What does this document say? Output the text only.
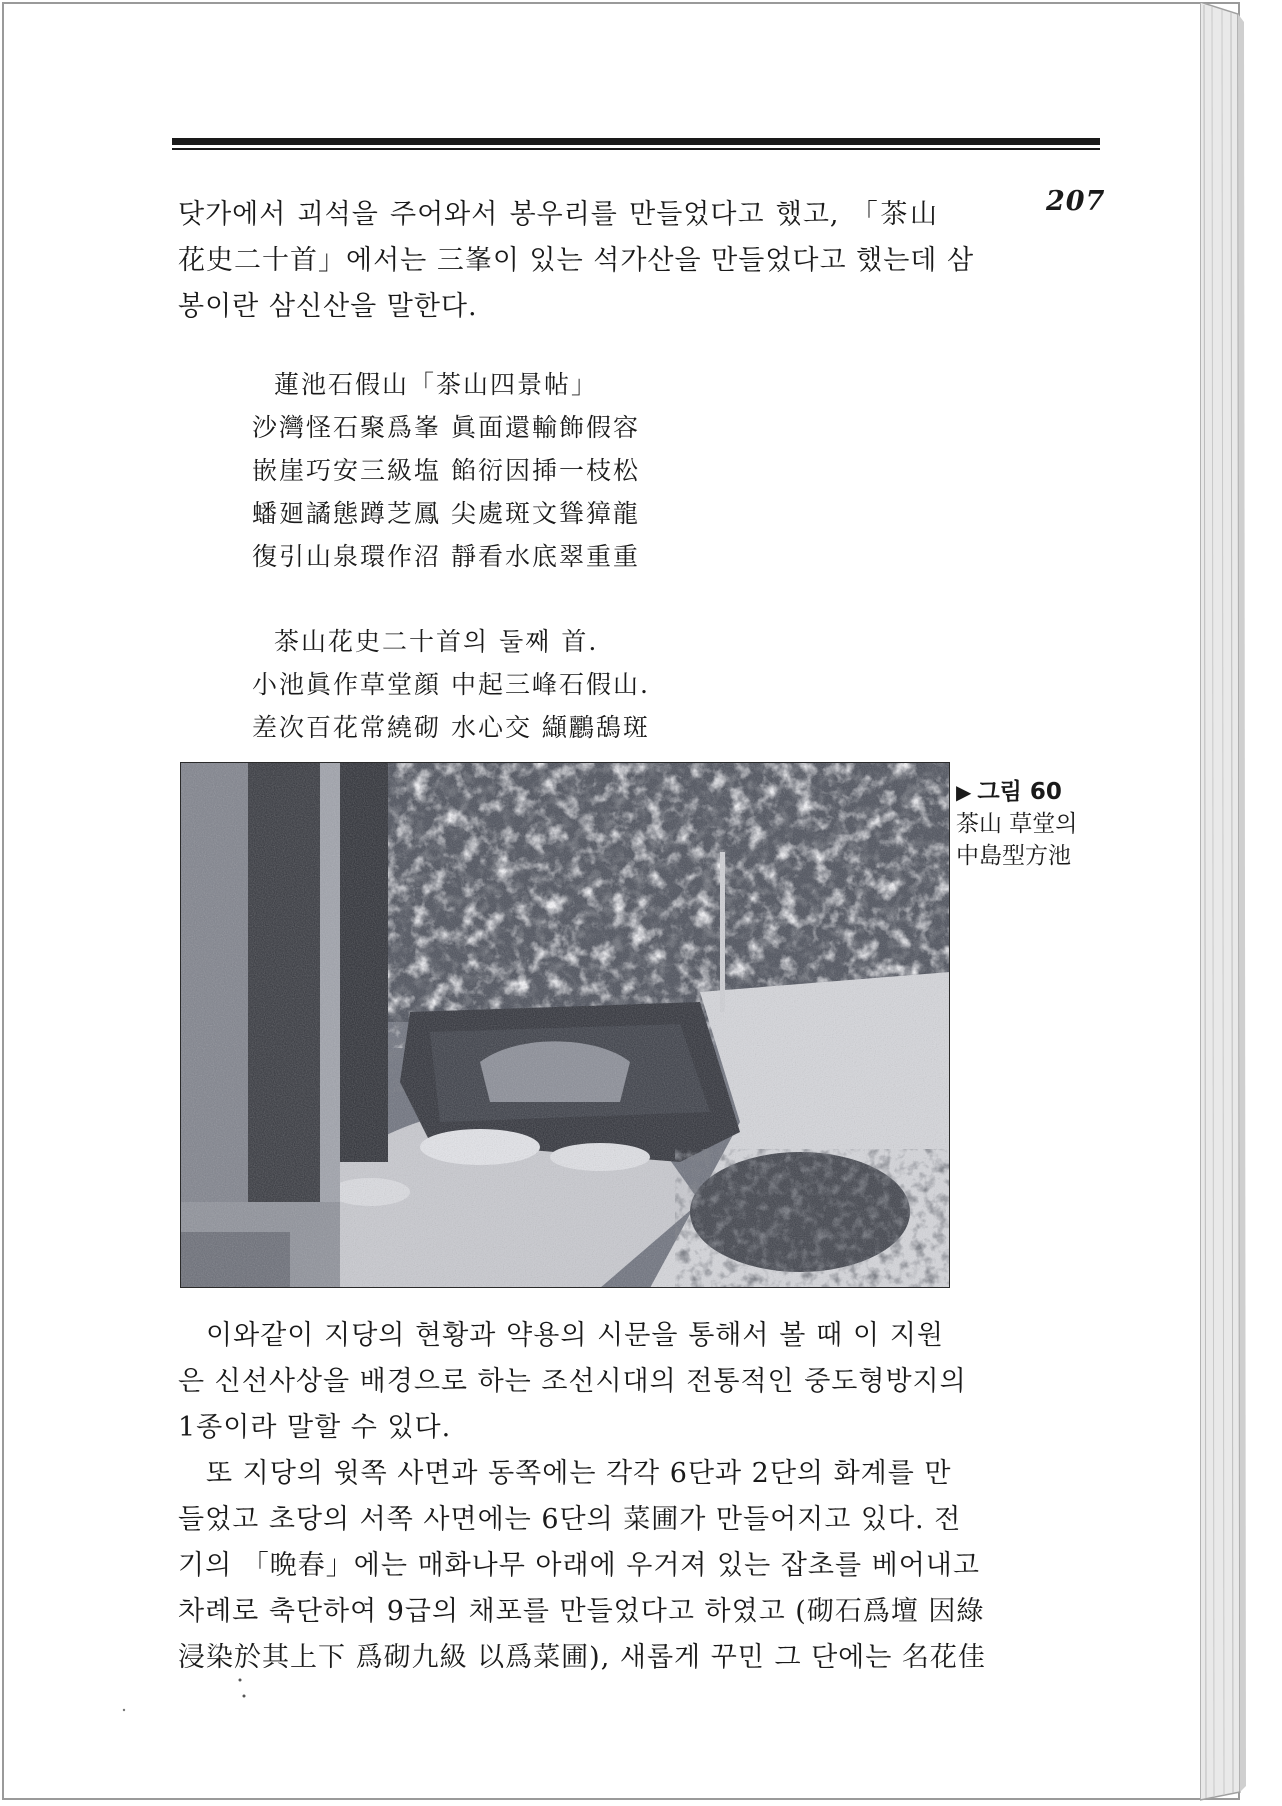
207
닷가에서 괴석을 주어와서 봉우리를 만들었다고 했고, 「茶山
花史二十首」에서는 三峯이 있는 석가산을 만들었다고 했는데 삼
봉이란 삼신산을 말한다.
蓮池石假山「茶山四景帖」
沙灣怪石聚爲峯 眞面還輸飾假容
嵌崖巧安三級塩 餡衍因揷一枝松
蟠廻譎態蹲芝鳳 尖處斑文聳獐龍
復引山泉環作沼 靜看水底翠重重
茶山花史二十首의 둘째 首.
小池眞作草堂顔 中起三峰石假山.
差次百花常繞砌 水心交 纈鸝鴰斑
▶ 그림 60
茶山 草堂의
中島型方池
이와같이 지당의 현황과 약용의 시문을 통해서 볼 때 이 지원
은 신선사상을 배경으로 하는 조선시대의 전통적인 중도형방지의
1종이라 말할 수 있다.
또 지당의 윗쪽 사면과 동쪽에는 각각 6단과 2단의 화계를 만
들었고 초당의 서쪽 사면에는 6단의 菜圃가 만들어지고 있다. 전
기의 「晩春」에는 매화나무 아래에 우거져 있는 잡초를 베어내고
차례로 축단하여 9급의 채포를 만들었다고 하였고 (砌石爲壇 因綠
浸染於其上下 爲砌九級 以爲菜圃), 새롭게 꾸민 그 단에는 名花佳
